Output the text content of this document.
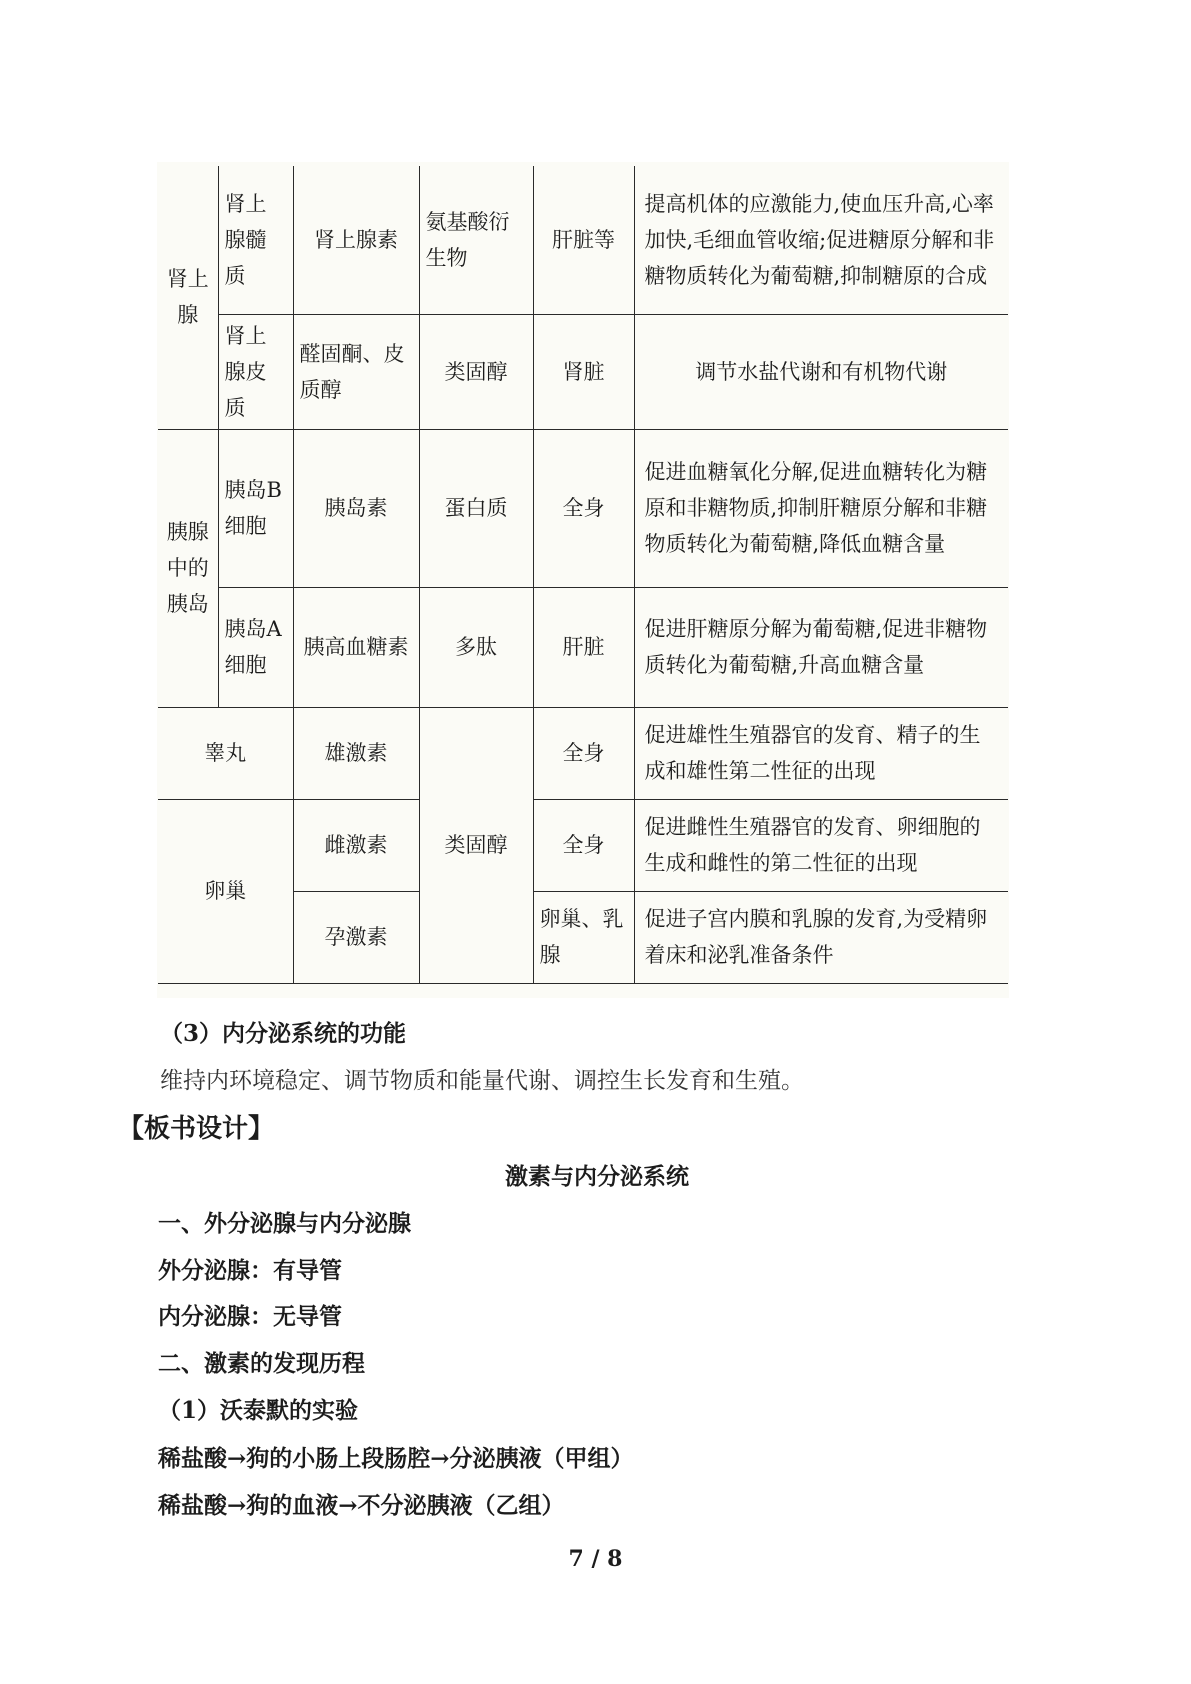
肾上腺	肾上腺髓质	肾上腺素	氨基酸衍生物	肝脏等	提高机体的应激能力,使血压升高,心率加快,毛细血管收缩;促进糖原分解和非糖物质转化为葡萄糖,抑制糖原的合成
	肾上腺皮质	醛固酮、皮质醇	类固醇	肾脏	调节水盐代谢和有机物代谢
胰腺中的胰岛	胰岛B细胞	胰岛素	蛋白质	全身	促进血糖氧化分解,促进血糖转化为糖原和非糖物质,抑制肝糖原分解和非糖物质转化为葡萄糖,降低血糖含量
	胰岛A细胞	胰高血糖素	多肽	肝脏	促进肝糖原分解为葡萄糖,促进非糖物质转化为葡萄糖,升高血糖含量
睾丸		雄激素	类固醇	全身	促进雄性生殖器官的发育、精子的生成和雄性第二性征的出现
卵巢		雌激素		全身	促进雌性生殖器官的发育、卵细胞的生成和雌性的第二性征的出现
		孕激素		卵巢、乳腺	促进子宫内膜和乳腺的发育,为受精卵着床和泌乳准备条件
（3）内分泌系统的功能
维持内环境稳定、调节物质和能量代谢、调控生长发育和生殖。
【板书设计】
激素与内分泌系统
一、外分泌腺与内分泌腺
外分泌腺：有导管
内分泌腺：无导管
二、激素的发现历程
（1）沃泰默的实验
稀盐酸→狗的小肠上段肠腔→分泌胰液（甲组）
稀盐酸→狗的血液→不分泌胰液（乙组）
7 / 8
